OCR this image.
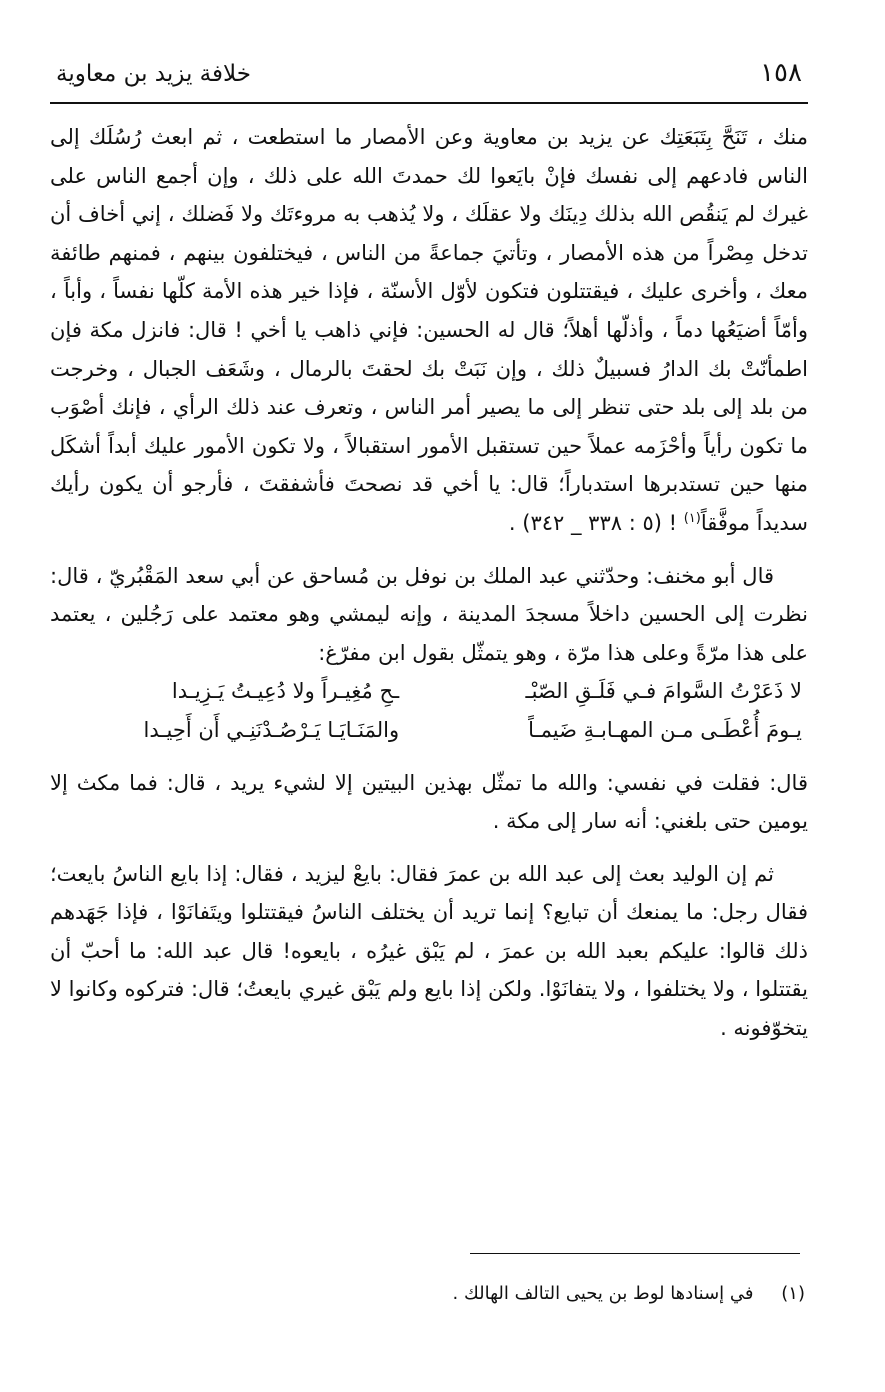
١٥٨
خلافة يزيد بن معاوية

منك ، تَنَحَّ بِتَبَعَتِك عن يزيد بن معاوية وعن الأمصار ما استطعت ، ثم ابعث رُسُلَك إلى الناس فادعهم إلى نفسك فإنْ بايَعوا لك حمدتَ الله على ذلك ، وإن أجمع الناس على غيرك لم يَنقُص الله بذلك دِينَك ولا عقلَك ، ولا يُذهب به مروءتَك ولا فَضلك ، إني أخاف أن تدخل مِصْراً من هذه الأمصار ، وتأتيَ جماعةً من الناس ، فيختلفون بينهم ، فمنهم طائفة معك ، وأخرى عليك ، فيقتتلون فتكون لأوّل الأسنّة ، فإذا خير هذه الأمة كلّها نفساً ، وأباً ، وأمّاً أضيَعُها دماً ، وأذلّها أهلاً؛ قال له الحسين: فإني ذاهب يا أخي ! قال: فانزل مكة فإن اطمأنّتْ بك الدارُ فسبيلٌ ذلك ، وإن نَبَتْ بك لحقتَ بالرمال ، وشَعَف الجبال ، وخرجت من بلد إلى بلد حتى تنظر إلى ما يصير أمر الناس ، وتعرف عند ذلك الرأي ، فإنك أصْوَب ما تكون رأياً وأحْزَمه عملاً حين تستقبل الأمور استقبالاً ، ولا تكون الأمور عليك أبداً أشكَل منها حين تستدبرها استدباراً؛ قال: يا أخي قد نصحتَ فأشفقتَ ، فأرجو أن يكون رأيك سديداً موفَّقاً$^{(١)}$ ! (٥ : ٣٣٨ _ ٣٤٢) .

قال أبو مخنف: وحدّثني عبد الملك بن نوفل بن مُساحق عن أبي سعد المَقْبُريّ ، قال: نظرت إلى الحسين داخلاً مسجدَ المدينة ، وإنه ليمشي وهو معتمد على رَجُلين ، يعتمد على هذا مرّةً وعلى هذا مرّة ، وهو يتمثّل بقول ابن مفرّغ:

لا ذَعَرْتُ السَّوامَ فـي فَلَـقِ الصّبْـ
ـحِ مُغِيـراً ولا دُعِيـتُ يَـزِيـدا
يـومَ أُعْطَـى مـن المهـابـةِ ضَيمـاً
والمَنَـايَـا يَـرْصُـدْنَنِـي أَن أَحِيـدا

قال: فقلت في نفسي: والله ما تمثّل بهذين البيتين إلا لشيء يريد ، قال: فما مكث إلا يومين حتى بلغني: أنه سار إلى مكة .

ثم إن الوليد بعث إلى عبد الله بن عمرَ فقال: بايعْ ليزيد ، فقال: إذا بايع الناسُ بايعت؛ فقال رجل: ما يمنعك أن تبايع؟ إنما تريد أن يختلف الناسُ فيقتتلوا ويتَفانَوْا ، فإذا جَهَدهم ذلك قالوا: عليكم بعبد الله بن عمرَ ، لم يَبْق غيرُه ، بايعوه! قال عبد الله: ما أحبّ أن يقتتلوا ، ولا يختلفوا ، ولا يتفانَوْا. ولكن إذا بايع ولم يَبْق غيري بايعتُ؛ قال: فتركوه وكانوا لا يتخوّفونه .

(١) في إسنادها لوط بن يحيى التالف الهالك .
